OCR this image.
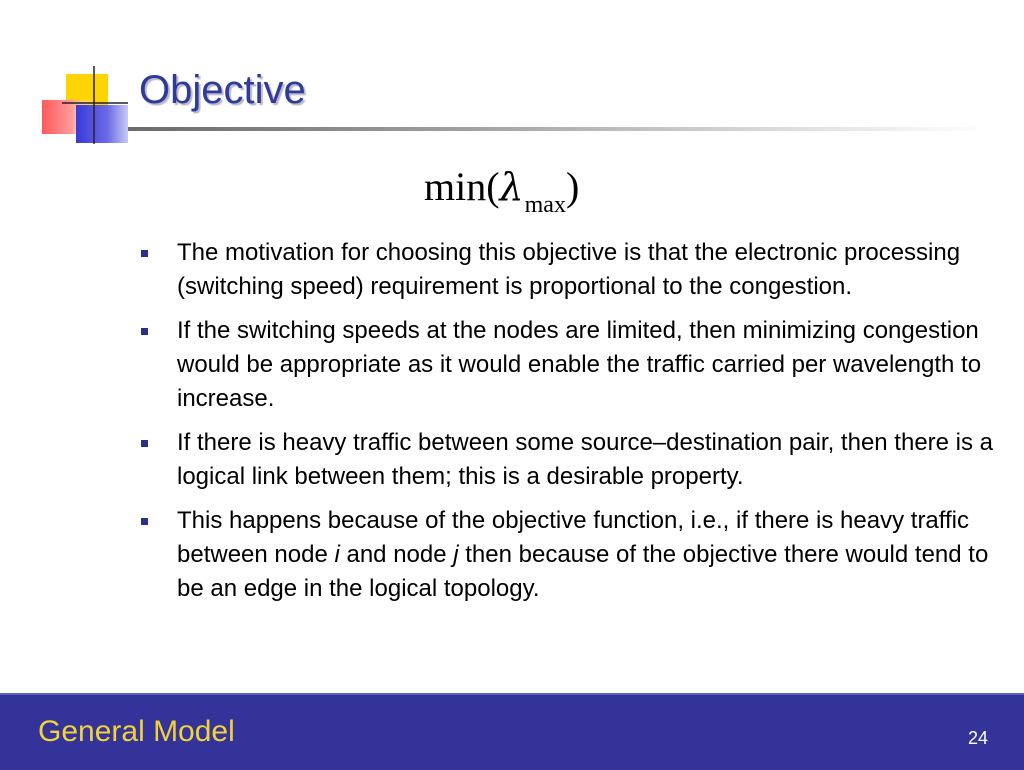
Objective
$\min(\lambda_{max})$
The motivation for choosing this objective is that the electronic processing (switching speed) requirement is proportional to the congestion.
If the switching speeds at the nodes are limited, then minimizing congestion would be appropriate as it would enable the traffic carried per wavelength to increase.
If there is heavy traffic between some source–destination pair, then there is a logical link between them; this is a desirable property.
This happens because of the objective function, i.e., if there is heavy traffic between node i and node j then because of the objective there would tend to be an edge in the logical topology.
General Model	24
